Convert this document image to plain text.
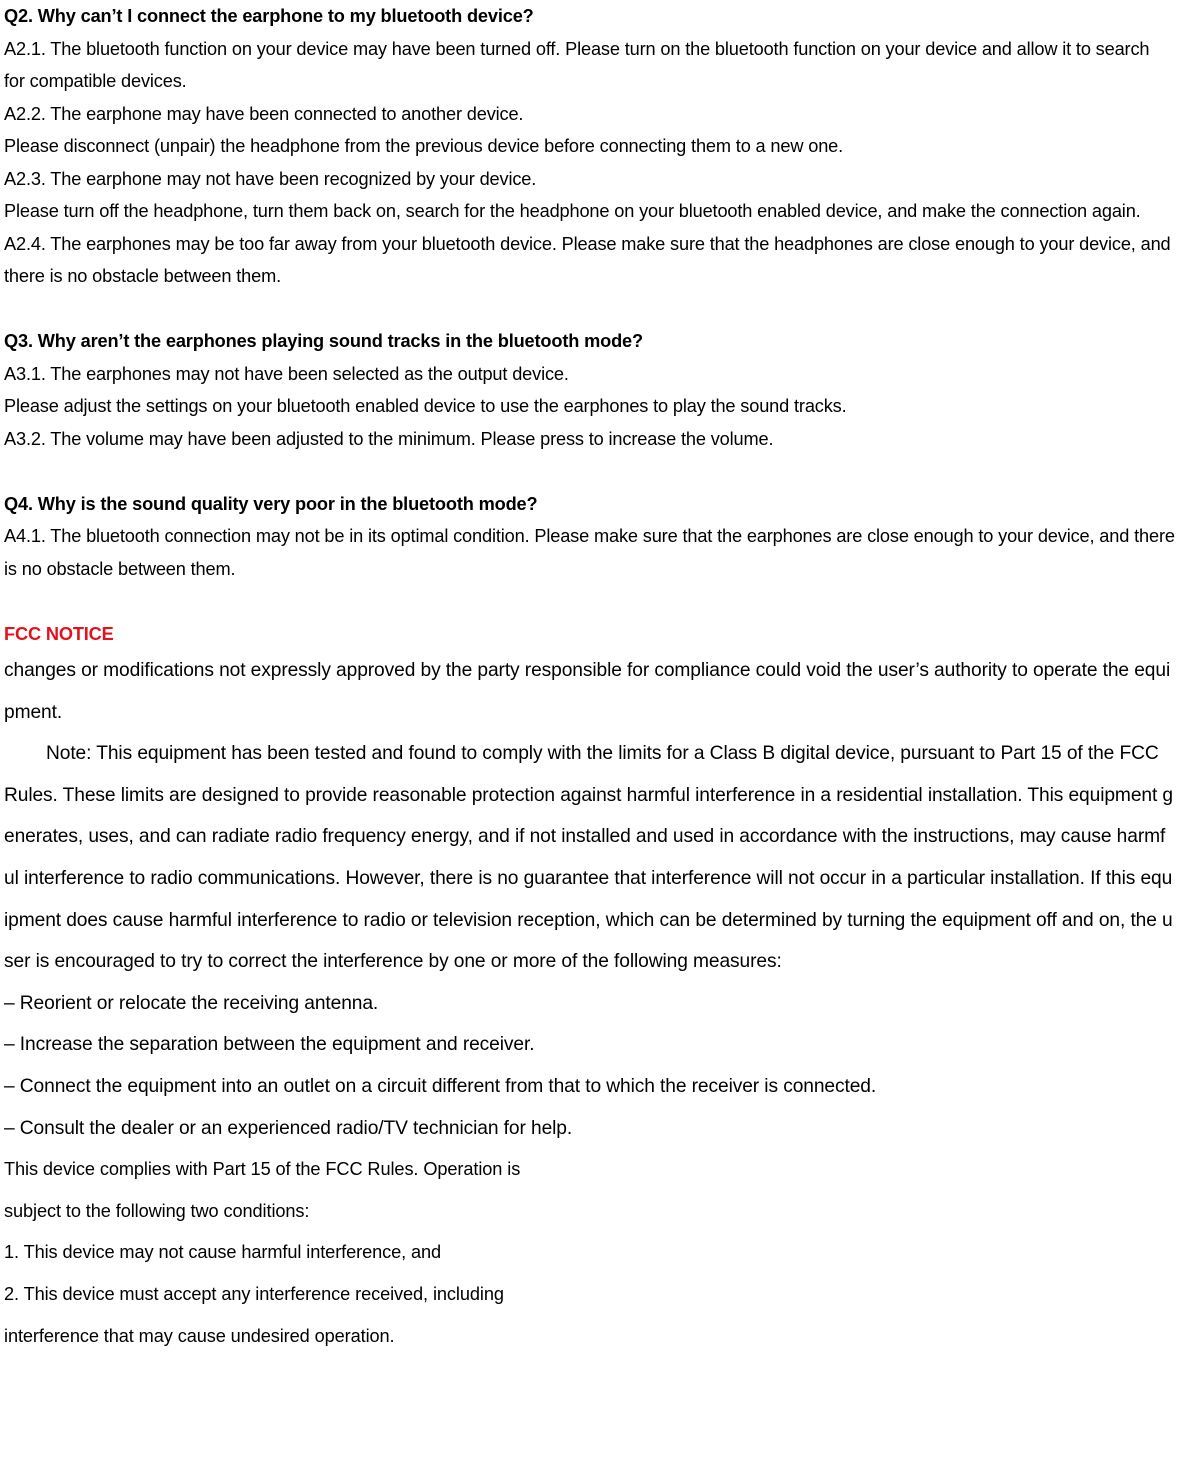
Q2. Why can’t I connect the earphone to my bluetooth device?

A2.1. The bluetooth function on your device may have been turned off. Please turn on the bluetooth function on your device and allow it to search for compatible devices.

A2.2. The earphone may have been connected to another device.

Please disconnect (unpair) the headphone from the previous device before connecting them to a new one.

A2.3. The earphone may not have been recognized by your device.

Please turn off the headphone, turn them back on, search for the headphone on your bluetooth enabled device, and make the connection again.

A2.4. The earphones may be too far away from your bluetooth device. Please make sure that the headphones are close enough to your device, and there is no obstacle between them.

Q3. Why aren’t the earphones playing sound tracks in the bluetooth mode?

A3.1. The earphones may not have been selected as the output device.

Please adjust the settings on your bluetooth enabled device to use the earphones to play the sound tracks.

A3.2. The volume may have been adjusted to the minimum. Please press to increase the volume.

Q4. Why is the sound quality very poor in the bluetooth mode?

A4.1. The bluetooth connection may not be in its optimal condition. Please make sure that the earphones are close enough to your device, and there is no obstacle between them.

FCC NOTICE

changes or modifications not expressly approved by the party responsible for compliance could void the user’s authority to operate the equipment.

Note: This equipment has been tested and found to comply with the limits for a Class B digital device, pursuant to Part 15 of the FCC Rules. These limits are designed to provide reasonable protection against harmful interference in a residential installation. This equipment generates, uses, and can radiate radio frequency energy, and if not installed and used in accordance with the instructions, may cause harmful interference to radio communications. However, there is no guarantee that interference will not occur in a particular installation. If this equipment does cause harmful interference to radio or television reception, which can be determined by turning the equipment off and on, the user is encouraged to try to correct the interference by one or more of the following measures:

– Reorient or relocate the receiving antenna.

– Increase the separation between the equipment and receiver.

– Connect the equipment into an outlet on a circuit different from that to which the receiver is connected.

– Consult the dealer or an experienced radio/TV technician for help.

This device complies with Part 15 of the FCC Rules. Operation is

subject to the following two conditions:

1. This device may not cause harmful interference, and

2. This device must accept any interference received, including

interference that may cause undesired operation.
